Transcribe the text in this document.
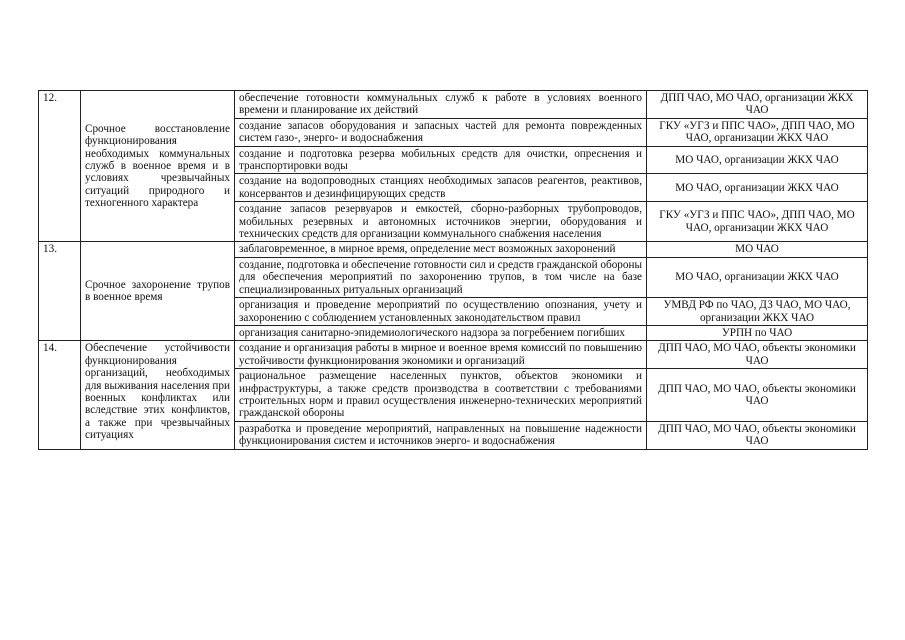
12.	Срочное восстановление функционирования необходимых коммунальных служб в военное время и в условиях чрезвычайных ситуаций природного и техногенного характера	обеспечение готовности коммунальных служб к работе в условиях военного времени и планирование их действий	ДПП ЧАО, МО ЧАО, организации ЖКХ ЧАО
		создание запасов оборудования и запасных частей для ремонта поврежденных систем газо-, энерго- и водоснабжения	ГКУ «УГЗ и ППС ЧАО», ДПП ЧАО, МО ЧАО, организации ЖКХ ЧАО
		создание и подготовка резерва мобильных средств для очистки, опреснения и транспортировки воды	МО ЧАО, организации ЖКХ ЧАО
		создание на водопроводных станциях необходимых запасов реагентов, реактивов, консервантов и дезинфицирующих средств	МО ЧАО, организации ЖКХ ЧАО
		создание запасов резервуаров и емкостей, сборно-разборных трубопроводов, мобильных резервных и автономных источников энергии, оборудования и технических средств для организации коммунального снабжения населения	ГКУ «УГЗ и ППС ЧАО», ДПП ЧАО, МО ЧАО, организации ЖКХ ЧАО
13.	Срочное захоронение трупов в военное время	заблаговременное, в мирное время, определение мест возможных захоронений	МО ЧАО
		создание, подготовка и обеспечение готовности сил и средств гражданской обороны для обеспечения мероприятий по захоронению трупов, в том числе на базе специализированных ритуальных организаций	МО ЧАО, организации ЖКХ ЧАО
		организация и проведение мероприятий по осуществлению опознания, учету и захоронению с соблюдением установленных законодательством правил	УМВД РФ по ЧАО, ДЗ ЧАО, МО ЧАО, организации ЖКХ ЧАО
		организация санитарно-эпидемиологического надзора за погребением погибших	УРПН по ЧАО
14.	Обеспечение устойчивости функционирования организаций, необходимых для выживания населения при военных конфликтах или вследствие этих конфликтов, а также при чрезвычайных ситуациях	создание и организация работы в мирное и военное время комиссий по повышению устойчивости функционирования экономики и организаций	ДПП ЧАО, МО ЧАО, объекты экономики ЧАО
		рациональное размещение населенных пунктов, объектов экономики и инфраструктуры, а также средств производства в соответствии с требованиями строительных норм и правил осуществления инженерно-технических мероприятий гражданской обороны	ДПП ЧАО, МО ЧАО, объекты экономики ЧАО
		разработка и проведение мероприятий, направленных на повышение надежности функционирования систем и источников энерго- и водоснабжения	ДПП ЧАО, МО ЧАО, объекты экономики ЧАО
